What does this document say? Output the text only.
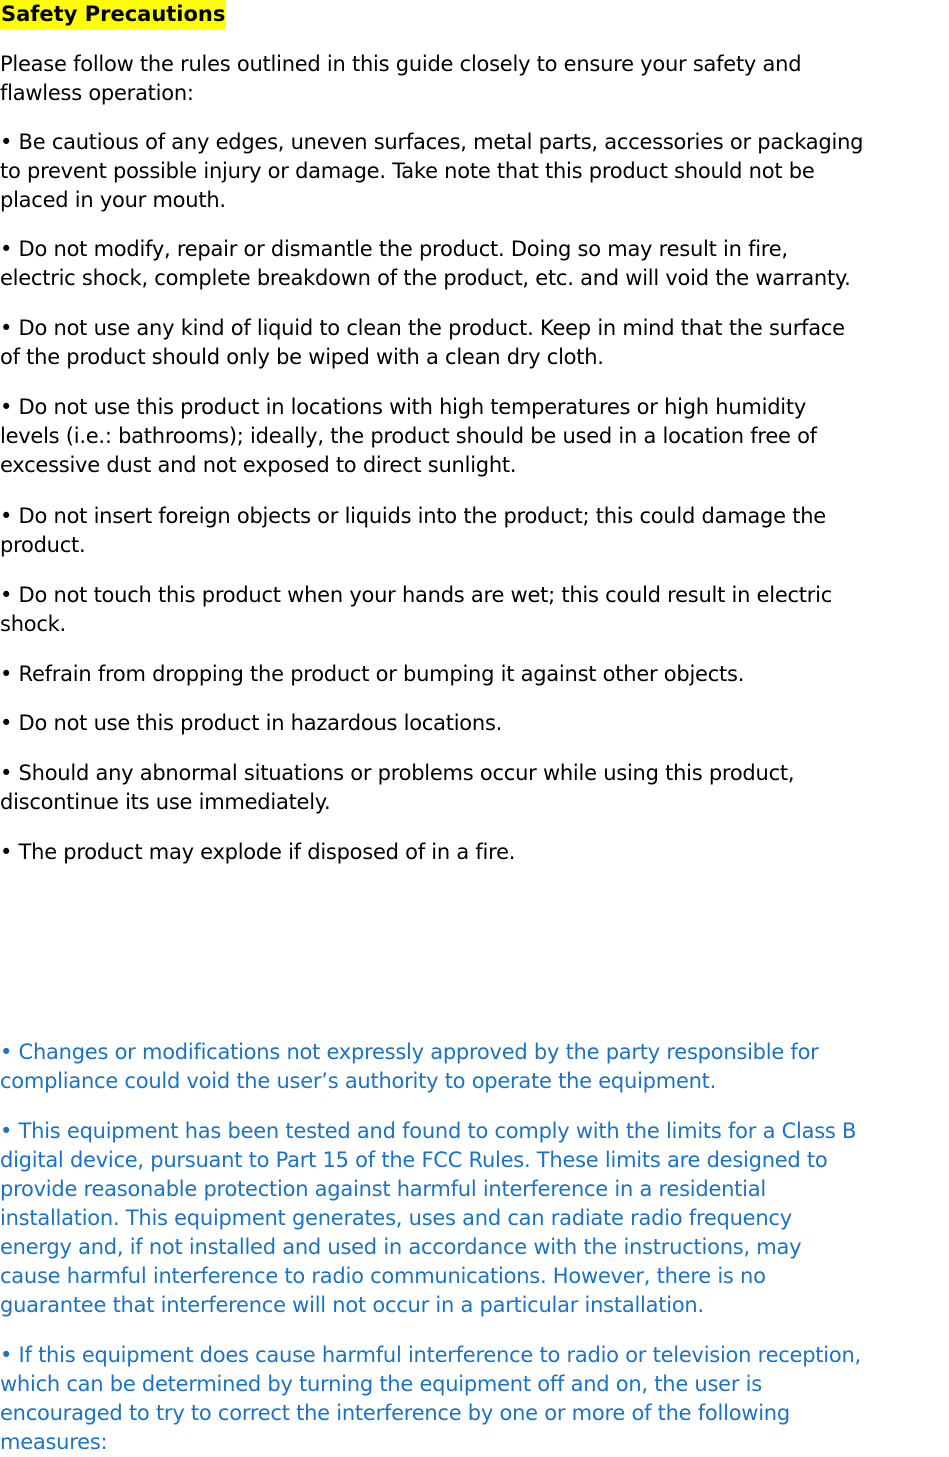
Safety Precautions

Please follow the rules outlined in this guide closely to ensure your safety and
flawless operation:

• Be cautious of any edges, uneven surfaces, metal parts, accessories or packaging
to prevent possible injury or damage. Take note that this product should not be
placed in your mouth.

• Do not modify, repair or dismantle the product. Doing so may result in fire,
electric shock, complete breakdown of the product, etc. and will void the warranty.

• Do not use any kind of liquid to clean the product. Keep in mind that the surface
of the product should only be wiped with a clean dry cloth.

• Do not use this product in locations with high temperatures or high humidity
levels (i.e.: bathrooms); ideally, the product should be used in a location free of
excessive dust and not exposed to direct sunlight.

• Do not insert foreign objects or liquids into the product; this could damage the
product.

• Do not touch this product when your hands are wet; this could result in electric
shock.

• Refrain from dropping the product or bumping it against other objects.

• Do not use this product in hazardous locations.

• Should any abnormal situations or problems occur while using this product,
discontinue its use immediately.

• The product may explode if disposed of in a fire.

• Changes or modifications not expressly approved by the party responsible for
compliance could void the user’s authority to operate the equipment.

• This equipment has been tested and found to comply with the limits for a Class B
digital device, pursuant to Part 15 of the FCC Rules. These limits are designed to
provide reasonable protection against harmful interference in a residential
installation. This equipment generates, uses and can radiate radio frequency
energy and, if not installed and used in accordance with the instructions, may
cause harmful interference to radio communications. However, there is no
guarantee that interference will not occur in a particular installation.

• If this equipment does cause harmful interference to radio or television reception,
which can be determined by turning the equipment off and on, the user is
encouraged to try to correct the interference by one or more of the following
measures:
